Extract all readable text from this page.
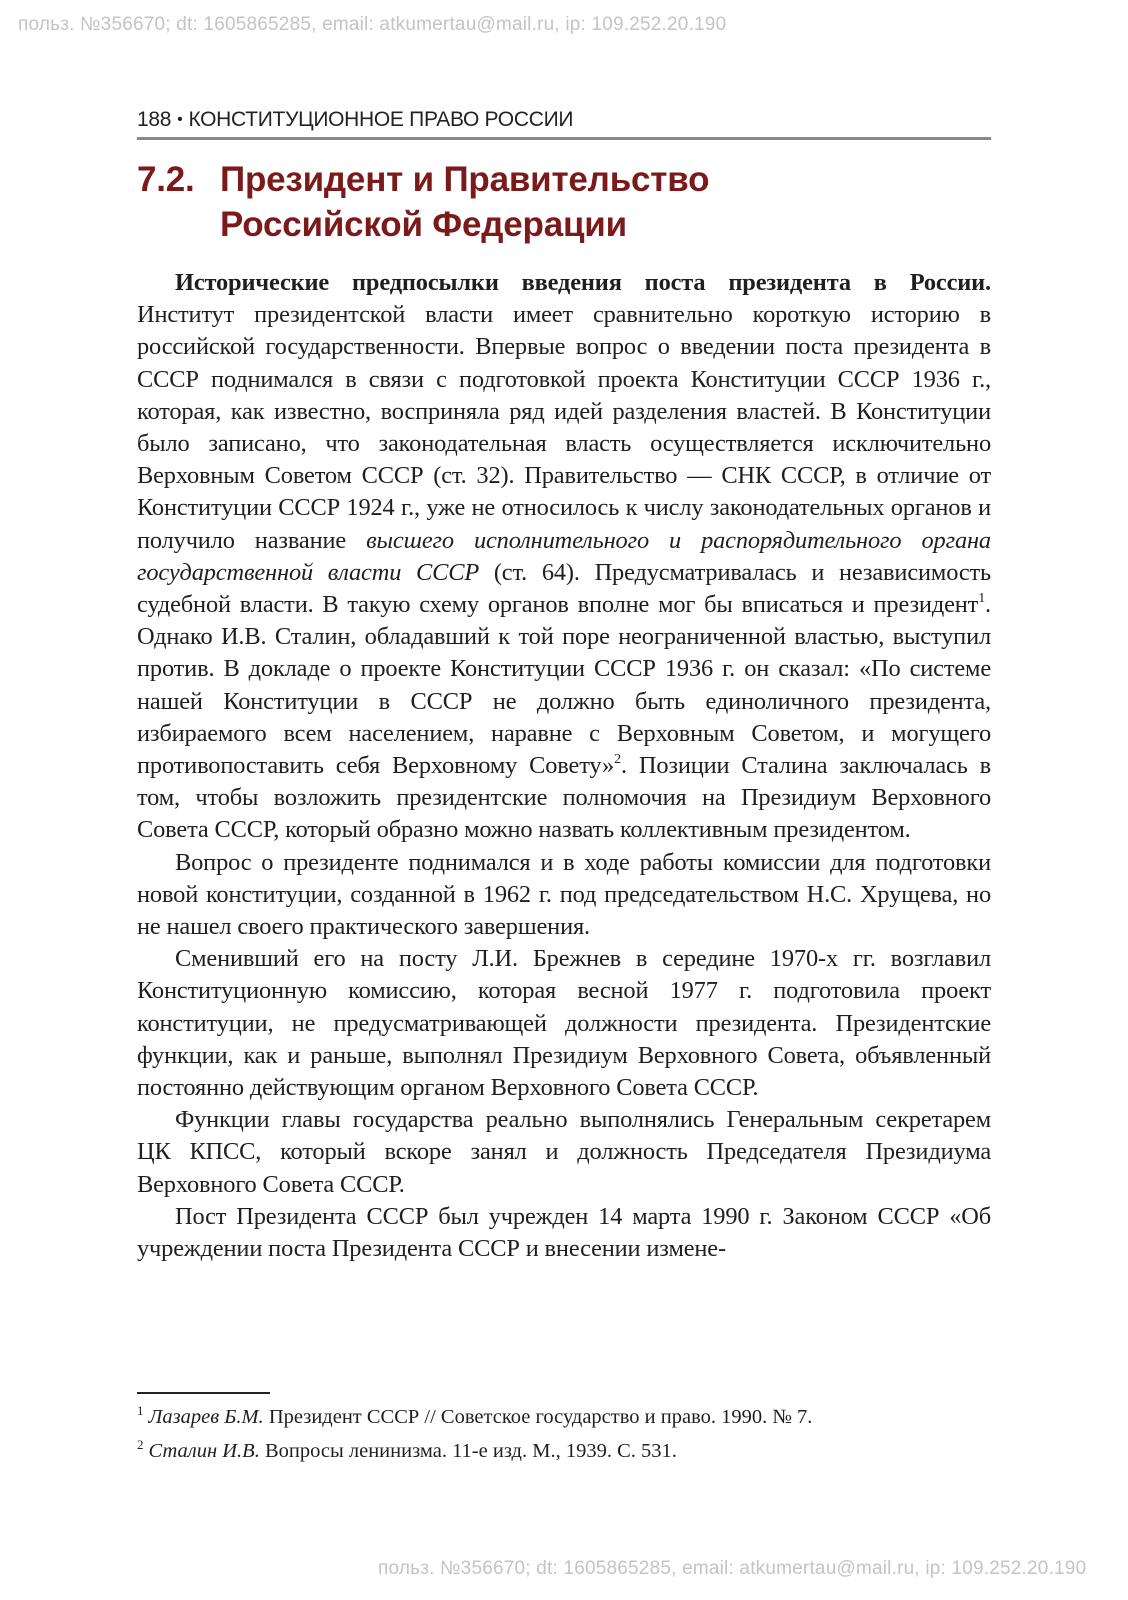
польз. №356670; dt: 1605865285, email: atkumertau@mail.ru, ip: 109.252.20.190
188 • КОНСТИТУЦИОННОЕ ПРАВО РОССИИ
7.2. Президент и Правительство
Российской Федерации

Исторические предпосылки введения поста президента в России. Институт президентской власти имеет сравнительно короткую историю в российской государственности. Впервые вопрос о введении поста президента в СССР поднимался в связи с подготовкой проекта Конституции СССР 1936 г., которая, как известно, восприняла ряд идей разделения властей. В Конституции было записано, что законодательная власть осуществляется исключительно Верховным Советом СССР (ст. 32). Правительство — СНК СССР, в отличие от Конституции СССР 1924 г., уже не относилось к числу законодательных органов и получило название высшего исполнительного и распорядительного органа государственной власти СССР (ст. 64). Предусматривалась и независимость судебной власти. В такую схему органов вполне мог бы вписаться и президент$^1$. Однако И.В. Сталин, обладавший к той поре неограниченной властью, выступил против. В докладе о проекте Конституции СССР 1936 г. он сказал: «По системе нашей Конституции в СССР не должно быть единоличного президента, избираемого всем населением, наравне с Верховным Советом, и могущего противопоставить себя Верховному Совету»$^2$. Позиции Сталина заключалась в том, чтобы возложить президентские полномочия на Президиум Верховного Совета СССР, который образно можно назвать коллективным президентом.

Вопрос о президенте поднимался и в ходе работы комиссии для подготовки новой конституции, созданной в 1962 г. под председательством Н.С. Хрущева, но не нашел своего практического завершения.

Сменивший его на посту Л.И. Брежнев в середине 1970-х гг. возглавил Конституционную комиссию, которая весной 1977 г. подготовила проект конституции, не предусматривающей должности президента. Президентские функции, как и раньше, выполнял Президиум Верховного Совета, объявленный постоянно действующим органом Верховного Совета СССР.

Функции главы государства реально выполнялись Генеральным секретарем ЦК КПСС, который вскоре занял и должность Председателя Президиума Верховного Совета СССР.

Пост Президента СССР был учрежден 14 марта 1990 г. Законом СССР «Об учреждении поста Президента СССР и внесении измене-

$^1$ Лазарев Б.М. Президент СССР // Советское государство и право. 1990. № 7.

$^2$ Сталин И.В. Вопросы ленинизма. 11-е изд. М., 1939. С. 531.

польз. №356670; dt: 1605865285, email: atkumertau@mail.ru, ip: 109.252.20.190
